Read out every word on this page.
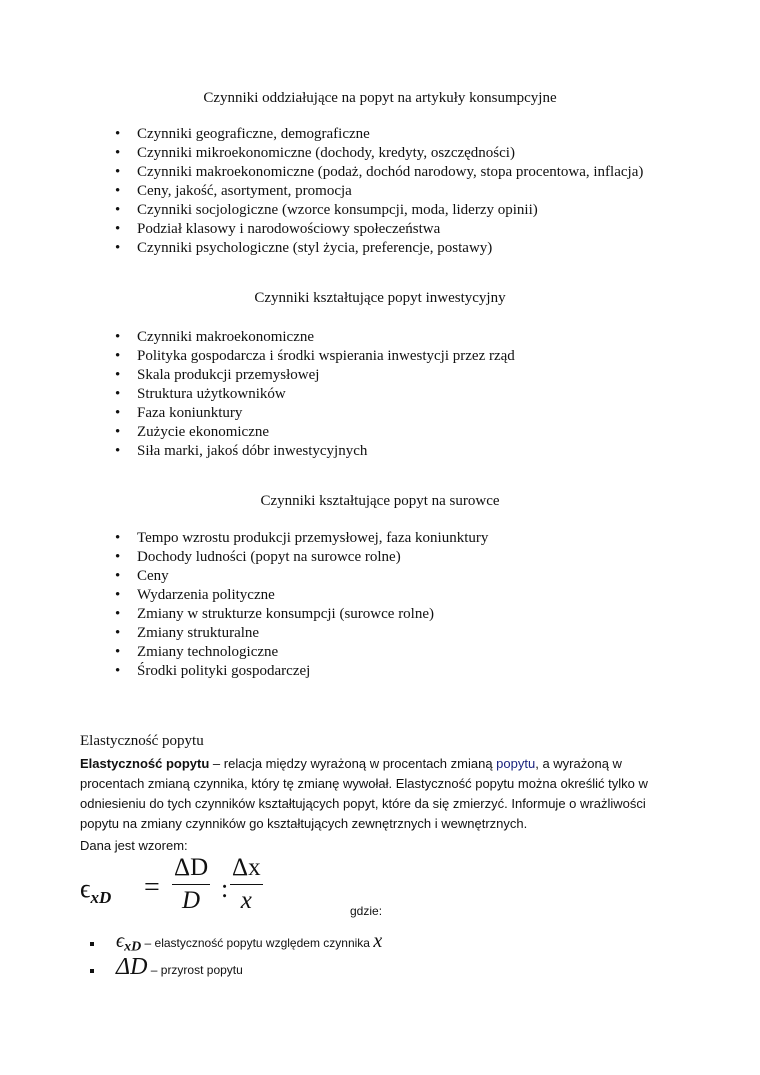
Czynniki oddziałujące na popyt na artykuły konsumpcyjne
• Czynniki geograficzne, demograficzne
• Czynniki mikroekonomiczne (dochody, kredyty, oszczędności)
• Czynniki makroekonomiczne (podaż, dochód narodowy, stopa procentowa, inflacja)
• Ceny, jakość, asortyment, promocja
• Czynniki socjologiczne (wzorce konsumpcji, moda, liderzy opinii)
• Podział klasowy i narodowościowy społeczeństwa
• Czynniki psychologiczne (styl życia, preferencje, postawy)
Czynniki kształtujące popyt inwestycyjny
• Czynniki makroekonomiczne
• Polityka gospodarcza i środki wspierania inwestycji przez rząd
• Skala produkcji przemysłowej
• Struktura użytkowników
• Faza koniunktury
• Zużycie ekonomiczne
• Siła marki, jakoś dóbr inwestycyjnych
Czynniki kształtujące popyt na surowce
• Tempo wzrostu produkcji przemysłowej, faza koniunktury
• Dochody ludności (popyt na surowce rolne)
• Ceny
• Wydarzenia polityczne
• Zmiany w strukturze konsumpcji (surowce rolne)
• Zmiany strukturalne
• Zmiany technologiczne
• Środki polityki gospodarczej
Elastyczność popytu
Elastyczność popytu – relacja między wyrażoną w procentach zmianą popytu, a wyrażoną w procentach zmianą czynnika, który tę zmianę wywołał. Elastyczność popytu można określić tylko w odniesieniu do tych czynników kształtujących popyt, które da się zmierzyć. Informuje o wrażliwości popytu na zmiany czynników go kształtujących zewnętrznych i wewnętrznych.
Dana jest wzorem:
$\epsilon_{xD} = \frac{\Delta D}{D}$ : $\frac{\Delta x}{x}$	gdzie:
$\epsilon_{xD}$ – elastyczność popytu względem czynnika x
ΔD – przyrost popytu
